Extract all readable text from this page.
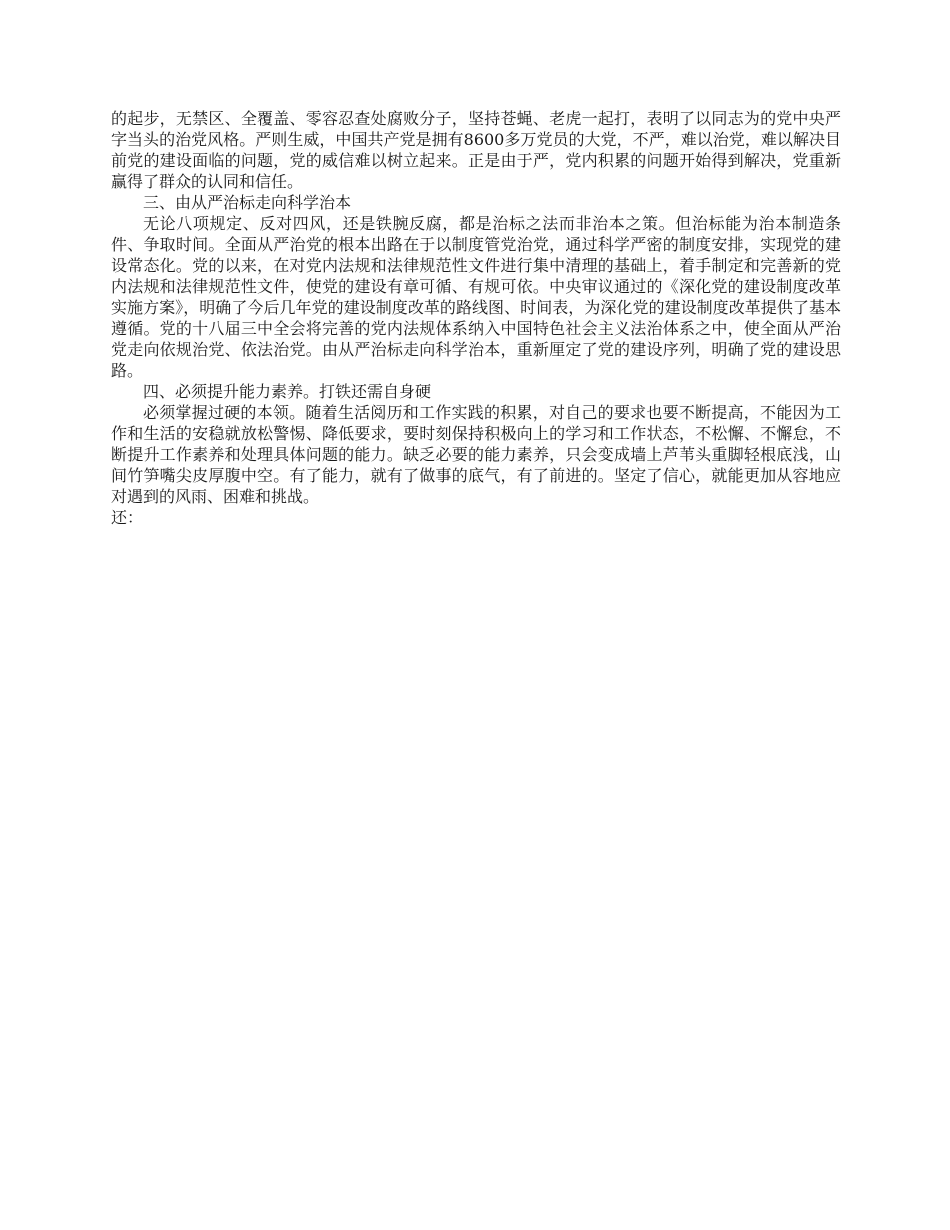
的起步，无禁区、全覆盖、零容忍查处腐败分子，坚持苍蝇、老虎一起打，表明了以同志为的党中央严字当头的治党风格。严则生威，中国共产党是拥有8600多万党员的大党，不严，难以治党，难以解决目前党的建设面临的问题，党的威信难以树立起来。正是由于严，党内积累的问题开始得到解决，党重新赢得了群众的认同和信任。

三、由从严治标走向科学治本

无论八项规定、反对四风，还是铁腕反腐，都是治标之法而非治本之策。但治标能为治本制造条件、争取时间。全面从严治党的根本出路在于以制度管党治党，通过科学严密的制度安排，实现党的建设常态化。党的以来，在对党内法规和法律规范性文件进行集中清理的基础上，着手制定和完善新的党内法规和法律规范性文件，使党的建设有章可循、有规可依。中央审议通过的《深化党的建设制度改革实施方案》，明确了今后几年党的建设制度改革的路线图、时间表，为深化党的建设制度改革提供了基本遵循。党的十八届三中全会将完善的党内法规体系纳入中国特色社会主义法治体系之中，使全面从严治党走向依规治党、依法治党。由从严治标走向科学治本，重新厘定了党的建设序列，明确了党的建设思路。

四、必须提升能力素养。打铁还需自身硬

必须掌握过硬的本领。随着生活阅历和工作实践的积累，对自己的要求也要不断提高，不能因为工作和生活的安稳就放松警惕、降低要求，要时刻保持积极向上的学习和工作状态，不松懈、不懈怠，不断提升工作素养和处理具体问题的能力。缺乏必要的能力素养，只会变成墙上芦苇头重脚轻根底浅，山间竹笋嘴尖皮厚腹中空。有了能力，就有了做事的底气，有了前进的。坚定了信心，就能更加从容地应对遇到的风雨、困难和挑战。

还：
